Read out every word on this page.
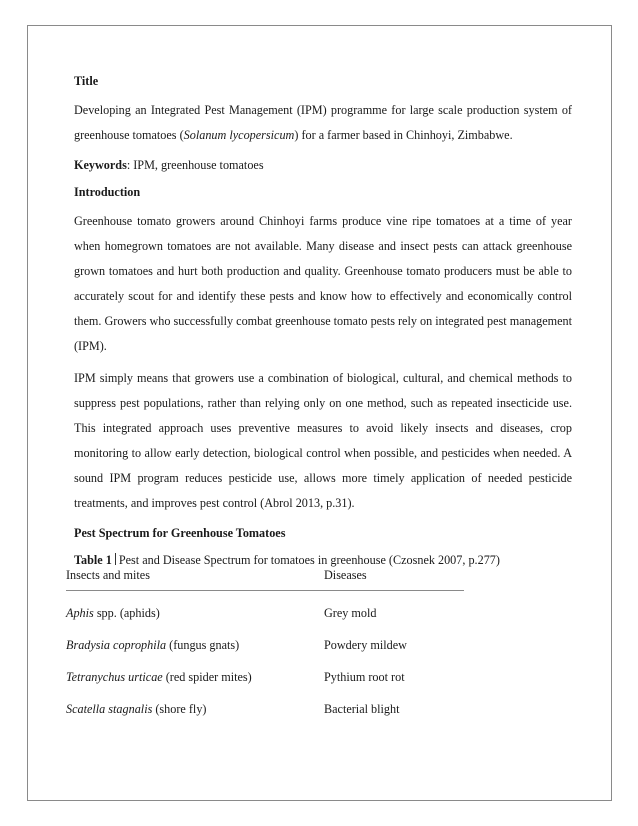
Title

Developing an Integrated Pest Management (IPM) programme for large scale production system of greenhouse tomatoes (Solanum lycopersicum) for a farmer based in Chinhoyi, Zimbabwe.

Keywords: IPM, greenhouse tomatoes

Introduction

Greenhouse tomato growers around Chinhoyi farms produce vine ripe tomatoes at a time of year when homegrown tomatoes are not available. Many disease and insect pests can attack greenhouse grown tomatoes and hurt both production and quality. Greenhouse tomato producers must be able to accurately scout for and identify these pests and know how to effectively and economically control them. Growers who successfully combat greenhouse tomato pests rely on integrated pest management (IPM).

IPM simply means that growers use a combination of biological, cultural, and chemical methods to suppress pest populations, rather than relying only on one method, such as repeated insecticide use. This integrated approach uses preventive measures to avoid likely insects and diseases, crop monitoring to allow early detection, biological control when possible, and pesticides when needed. A sound IPM program reduces pesticide use, allows more timely application of needed pesticide treatments, and improves pest control (Abrol 2013, p.31).

Pest Spectrum for Greenhouse Tomatoes

Table 1 Pest and Disease Spectrum for tomatoes in greenhouse (Czosnek 2007, p.277)

Insects and mites	Diseases
Aphis spp. (aphids)	Grey mold
Bradysia coprophila (fungus gnats)	Powdery mildew
Tetranychus urticae (red spider mites)	Pythium root rot
Scatella stagnalis (shore fly)	Bacterial blight
